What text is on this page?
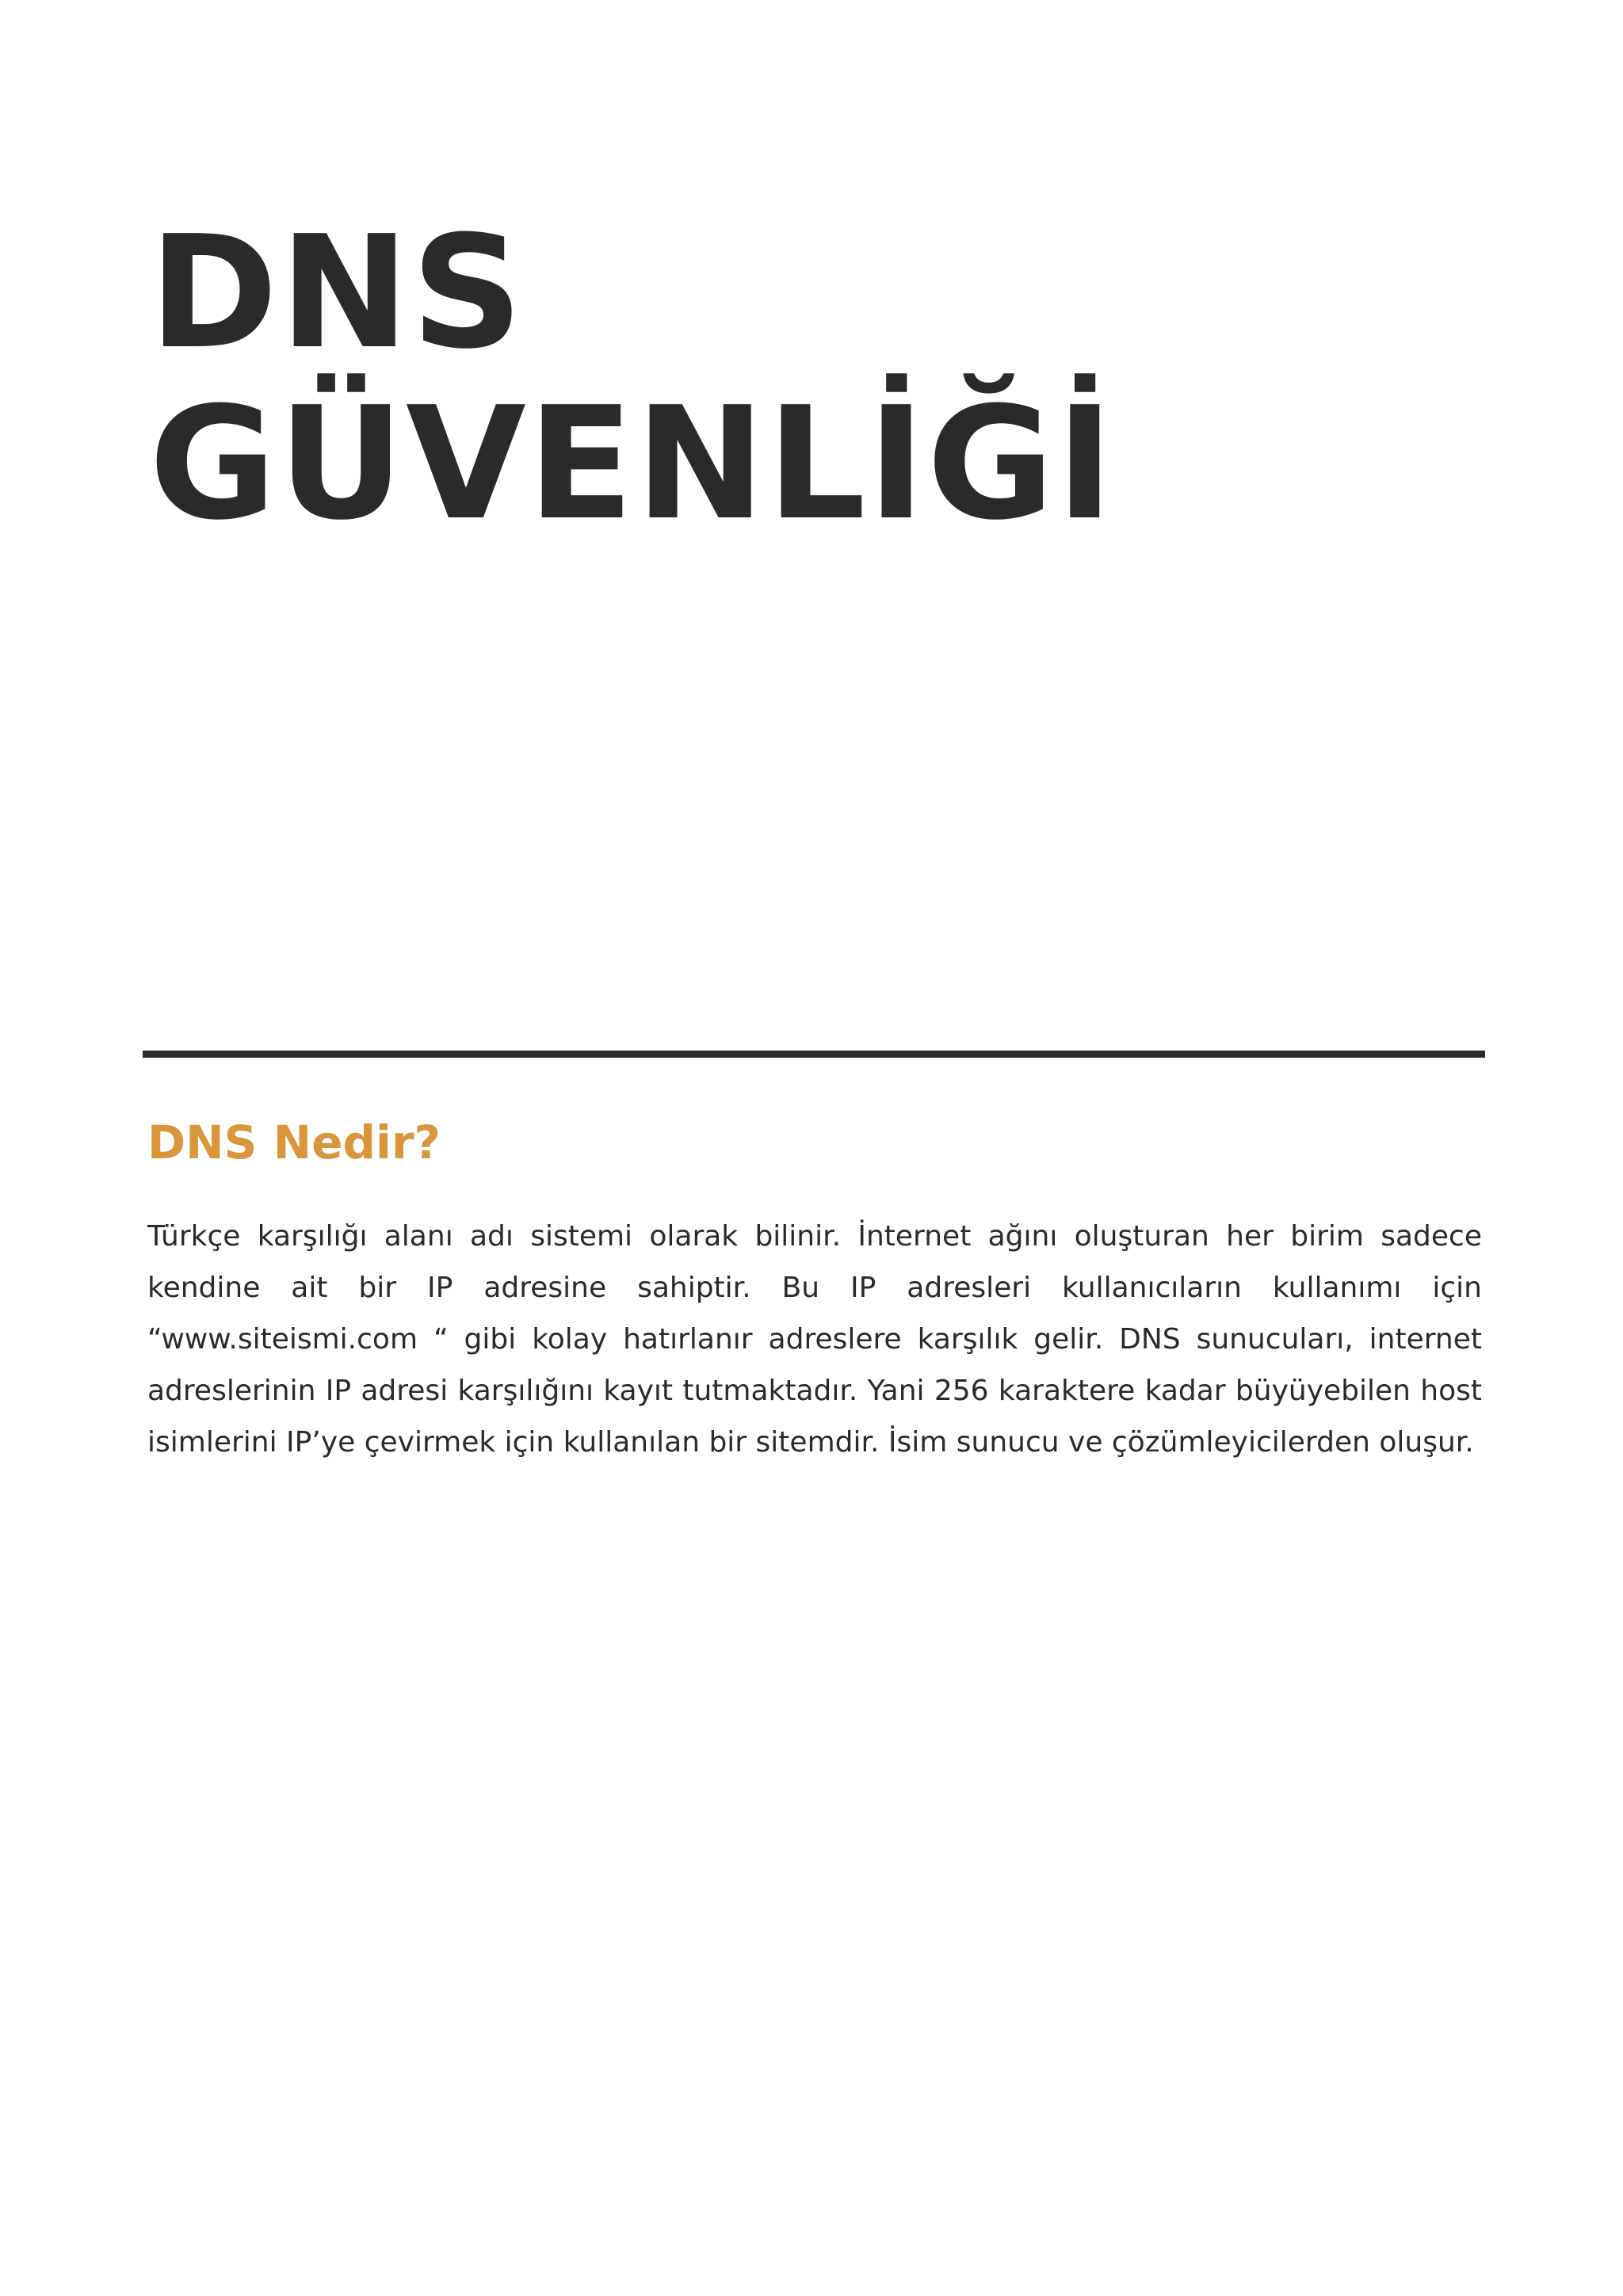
DNS
GÜVENLİĞİ
DNS Nedir?

Türkçe karşılığı alanı adı sistemi olarak bilinir. İnternet ağını oluşturan her birim sadece kendine ait bir IP adresine sahiptir. Bu IP adresleri kullanıcıların kullanımı için “www.siteismi.com “ gibi kolay hatırlanır adreslere karşılık gelir. DNS sunucuları, internet adreslerinin IP adresi karşılığını kayıt tutmaktadır. Yani 256 karaktere kadar büyüyebilen host isimlerini IP’ye çevirmek için kullanılan bir sitemdir. İsim sunucu ve çözümleyicilerden oluşur.
